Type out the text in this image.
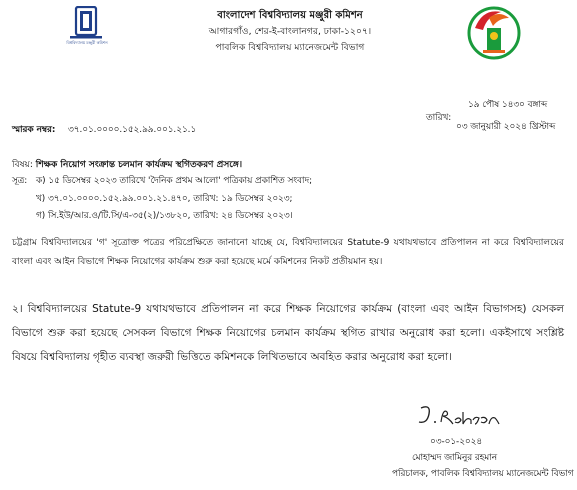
বিশ্ববিদ্যালয় মঞ্জুরী কমিশন
বাংলাদেশ বিশ্ববিদ্যালয় মঞ্জুরী কমিশন
আগারগাঁও, শের-ই-বাংলানগর, ঢাকা-১২০৭।
পাবলিক বিশ্ববিদ্যালয় ম্যানেজমেন্ট বিভাগ
১৯ পৌষ ১৪৩০ বঙ্গাব্দ
তারিখ:
০৩ জানুয়ারী ২০২৪ খ্রিস্টাব্দ
স্মারক নম্বর: ৩৭.০১.০০০০.১৫২.৯৯.০০১.২১.১
বিষয়: শিক্ষক নিয়োগ সংক্রান্ত চলমান কার্যক্রম স্থগিতকরণ প্রসঙ্গে।
সূত্র: ক) ১৫ ডিসেম্বর ২০২৩ তারিখে 'দৈনিক প্রথম আলো' পত্রিকায় প্রকাশিত সংবাদ;
খ) ৩৭.০১.০০০০.১৫২.৯৯.০০১.২১.৪৭০, তারিখ: ১৯ ডিসেম্বর ২০২৩;
গ) সি.ইউ/আর.ও/টি.সি/এ-৩৫(২)/১৩৮২০, তারিখ: ২৪ ডিসেম্বর ২০২৩।
চট্টগ্রাম বিশ্ববিদ্যালয়ের 'গ' সূত্রোক্ত পত্রের পরিপ্রেক্ষিতে জানানো যাচ্ছে যে, বিশ্ববিদ্যালয়ের Statute-9 যথাযথভাবে প্রতিপালন না করে বিশ্ববিদ্যালয়ের বাংলা এবং আইন বিভাগে শিক্ষক নিয়োগের কার্যক্রম শুরু করা হয়েছে মর্মে কমিশনের নিকট প্রতীয়মান হয়।
২। বিশ্ববিদ্যালয়ের Statute-9 যথাযথভাবে প্রতিপালন না করে শিক্ষক নিয়োগের কার্যক্রম (বাংলা এবং আইন বিভাগসহ) যেসকল বিভাগে শুরু করা হয়েছে সেসকল বিভাগে শিক্ষক নিয়োগের চলমান কার্যক্রম স্থগিত রাখার অনুরোধ করা হলো। একইসাথে সংশ্লিষ্ট বিষয়ে বিশ্ববিদ্যালয় গৃহীত ব্যবস্থা জরুরী ভিত্তিতে কমিশনকে লিখিতভাবে অবহিত করার অনুরোধ করা হলো।
০৩-০১-২০২৪
মোহাম্মদ জামিনুর রহমান
পরিচালক, পাবলিক বিশ্ববিদ্যালয় ম্যানেজমেন্ট বিভাগ
